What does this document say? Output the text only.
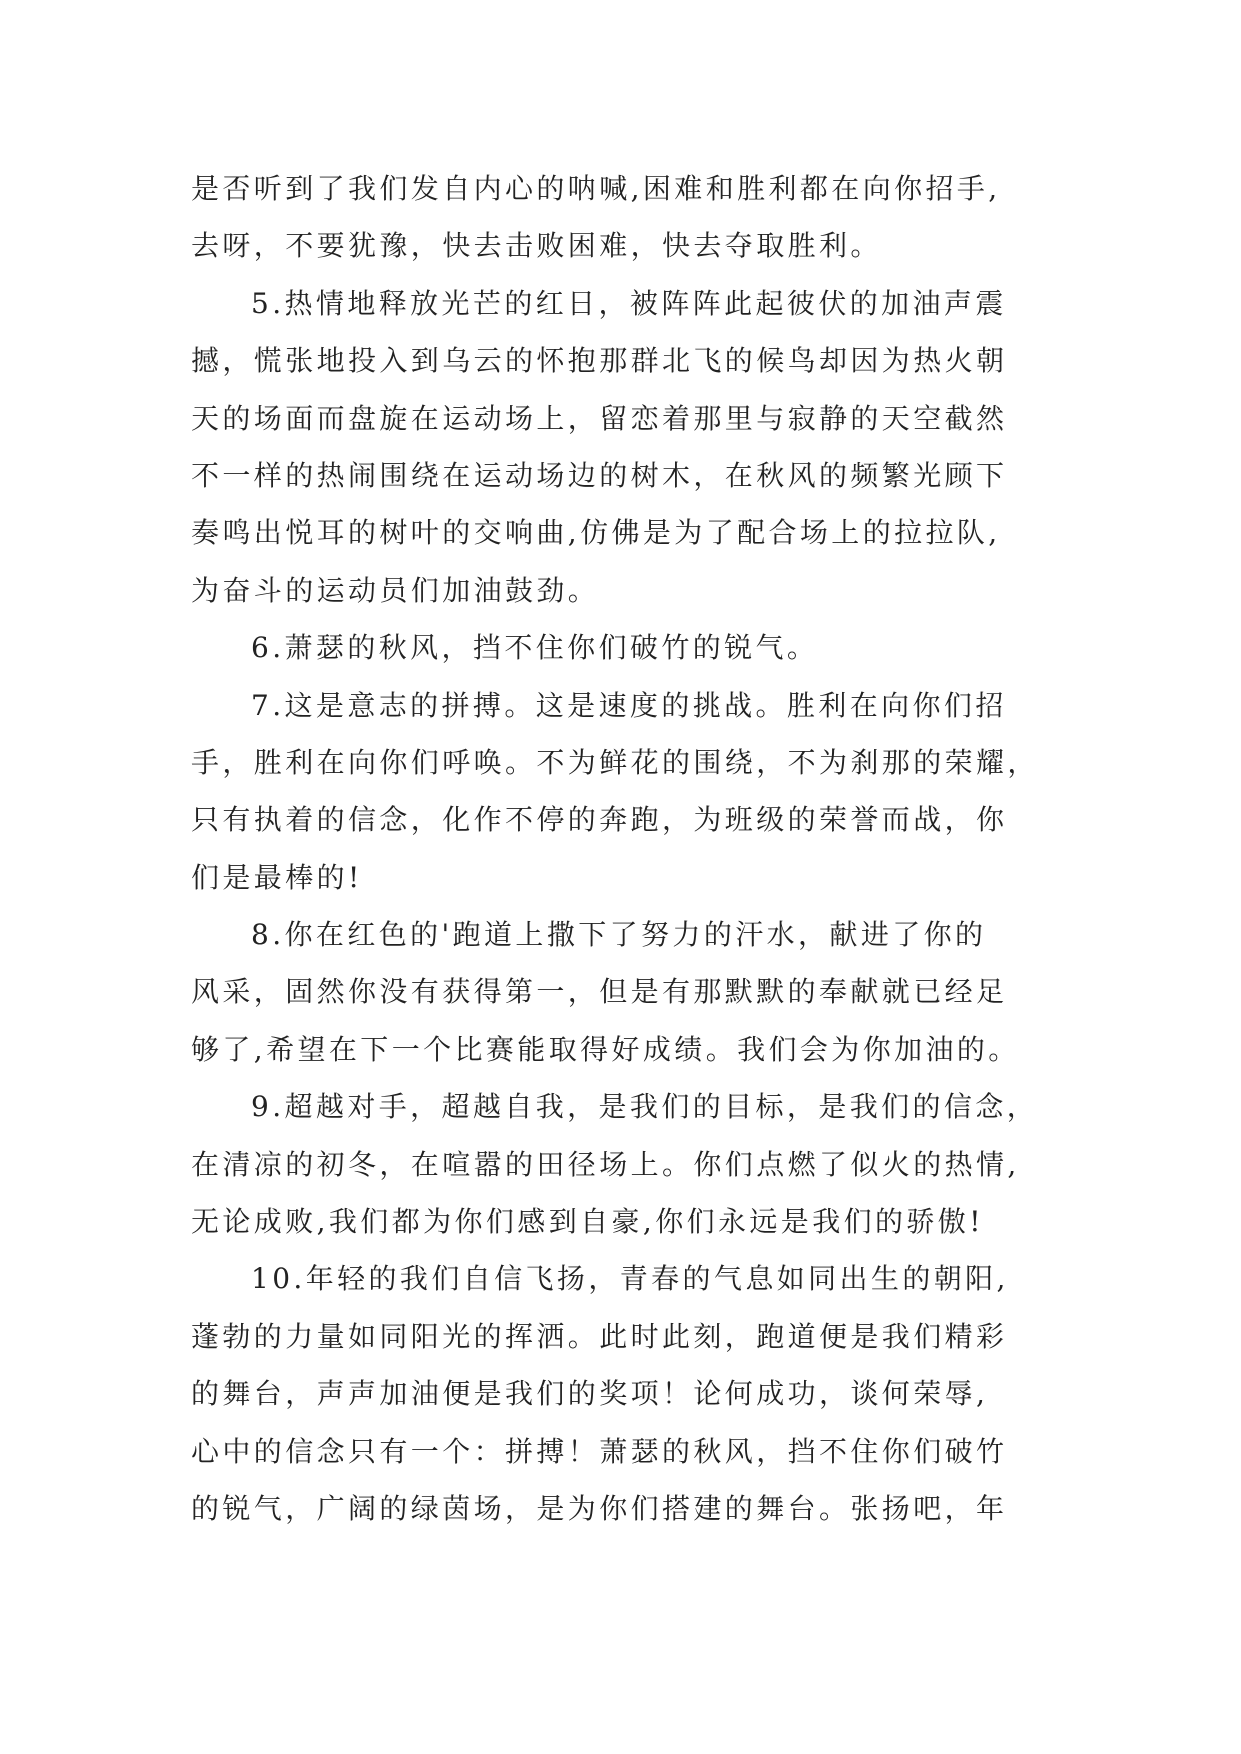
是否听到了我们发自内心的呐喊,困难和胜利都在向你招手,
去呀，不要犹豫，快去击败困难，快去夺取胜利。
5.热情地释放光芒的红日，被阵阵此起彼伏的加油声震
撼，慌张地投入到乌云的怀抱那群北飞的候鸟却因为热火朝
天的场面而盘旋在运动场上，留恋着那里与寂静的天空截然
不一样的热闹围绕在运动场边的树木，在秋风的频繁光顾下
奏鸣出悦耳的树叶的交响曲,仿佛是为了配合场上的拉拉队,
为奋斗的运动员们加油鼓劲。
6.萧瑟的秋风，挡不住你们破竹的锐气。
7.这是意志的拼搏。这是速度的挑战。胜利在向你们招
手，胜利在向你们呼唤。不为鲜花的围绕，不为刹那的荣耀，
只有执着的信念，化作不停的奔跑，为班级的荣誉而战，你
们是最棒的!
8.你在红色的'跑道上撒下了努力的汗水，献进了你的
风采，固然你没有获得第一，但是有那默默的奉献就已经足
够了,希望在下一个比赛能取得好成绩。我们会为你加油的。
9.超越对手，超越自我，是我们的目标，是我们的信念，
在清凉的初冬，在喧嚣的田径场上。你们点燃了似火的热情,
无论成败,我们都为你们感到自豪,你们永远是我们的骄傲!
10.年轻的我们自信飞扬，青春的气息如同出生的朝阳,
蓬勃的力量如同阳光的挥洒。此时此刻，跑道便是我们精彩
的舞台，声声加油便是我们的奖项！论何成功，谈何荣辱,
心中的信念只有一个：拼搏！萧瑟的秋风，挡不住你们破竹
的锐气，广阔的绿茵场，是为你们搭建的舞台。张扬吧，年
